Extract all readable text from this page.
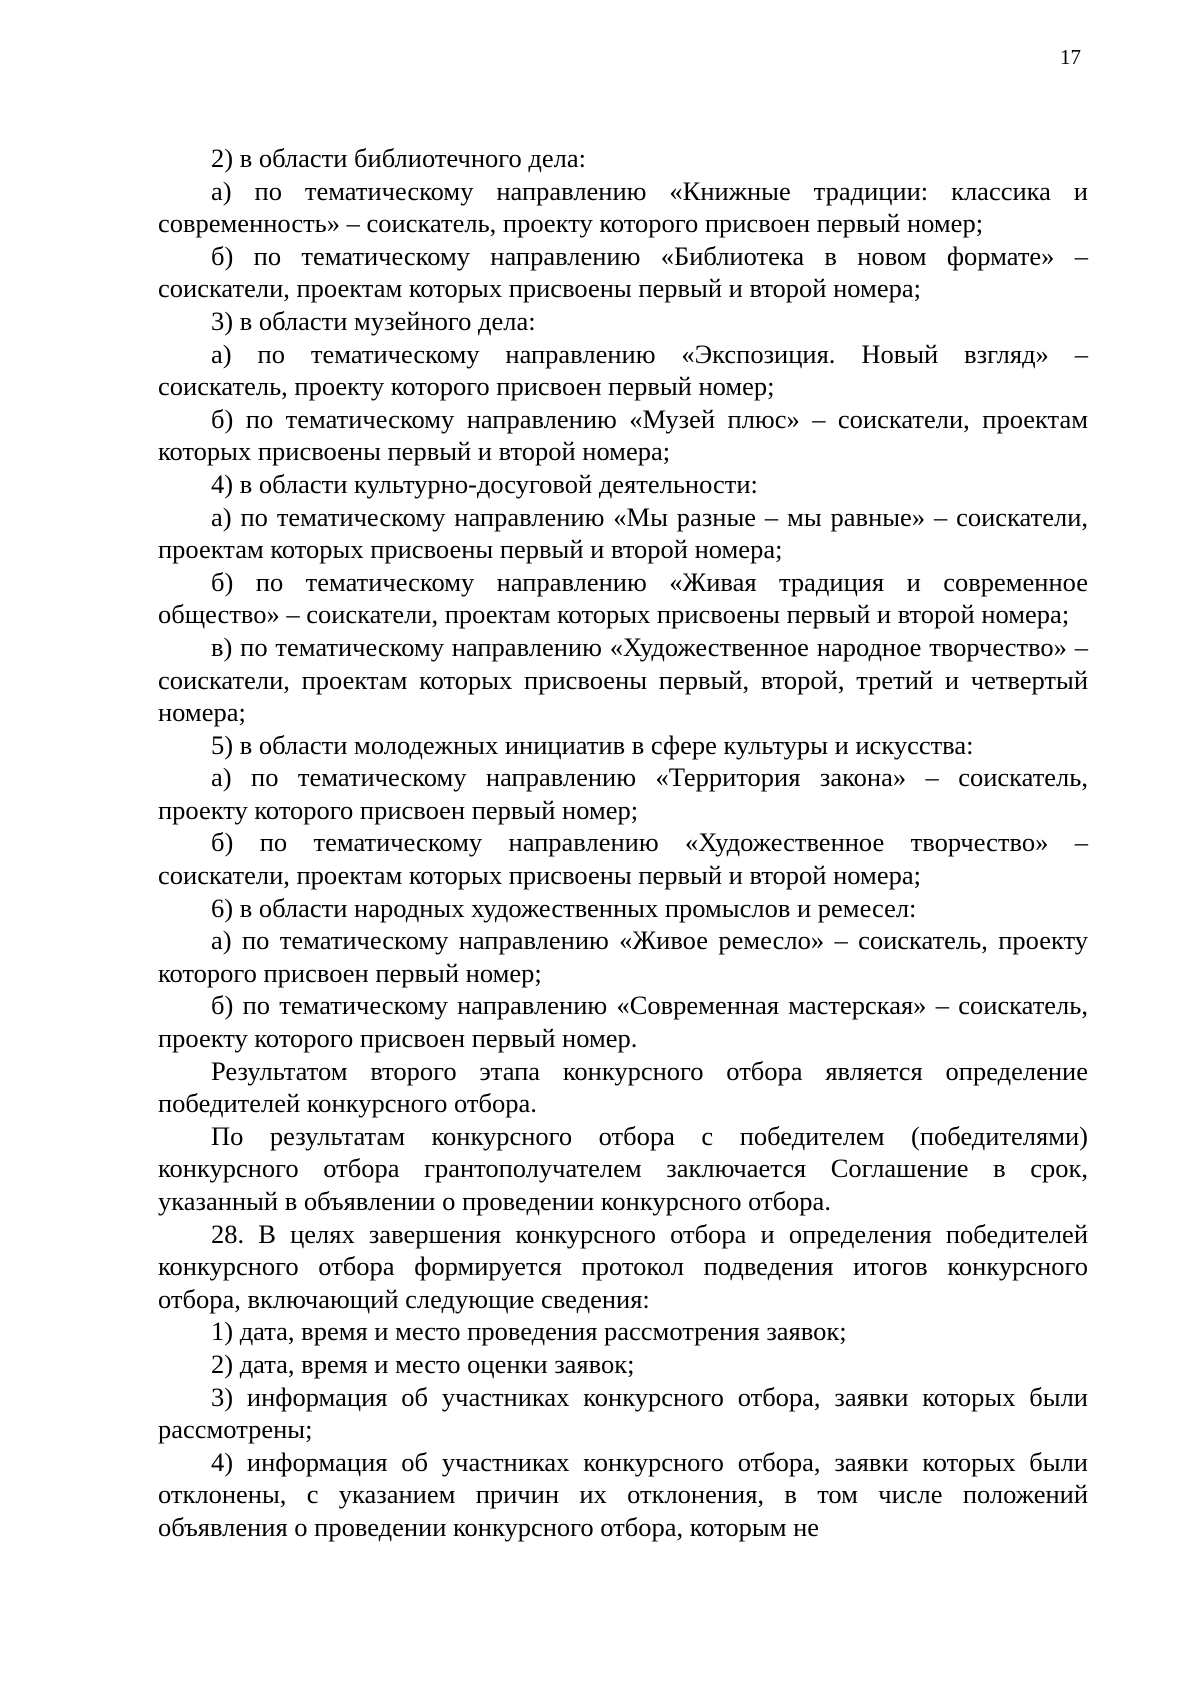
17

2) в области библиотечного дела:

а) по тематическому направлению «Книжные традиции: классика и современность» – соискатель, проекту которого присвоен первый номер;

б) по тематическому направлению «Библиотека в новом формате» – соискатели, проектам которых присвоены первый и второй номера;

3) в области музейного дела:

а) по тематическому направлению «Экспозиция. Новый взгляд» – соискатель, проекту которого присвоен первый номер;

б) по тематическому направлению «Музей плюс» – соискатели, проектам которых присвоены первый и второй номера;

4) в области культурно-досуговой деятельности:

а) по тематическому направлению «Мы разные – мы равные» – соискатели, проектам которых присвоены первый и второй номера;

б) по тематическому направлению «Живая традиция и современное общество» – соискатели, проектам которых присвоены первый и второй номера;

в) по тематическому направлению «Художественное народное творчество» – соискатели, проектам которых присвоены первый, второй, третий и четвертый номера;

5) в области молодежных инициатив в сфере культуры и искусства:

а) по тематическому направлению «Территория закона» – соискатель, проекту которого присвоен первый номер;

б) по тематическому направлению «Художественное творчество» – соискатели, проектам которых присвоены первый и второй номера;

6) в области народных художественных промыслов и ремесел:

а) по тематическому направлению «Живое ремесло» – соискатель, проекту которого присвоен первый номер;

б) по тематическому направлению «Современная мастерская» – соискатель, проекту которого присвоен первый номер.

Результатом второго этапа конкурсного отбора является определение победителей конкурсного отбора.

По результатам конкурсного отбора с победителем (победителями) конкурсного отбора грантополучателем заключается Соглашение в срок, указанный в объявлении о проведении конкурсного отбора.

28. В целях завершения конкурсного отбора и определения победителей конкурсного отбора формируется протокол подведения итогов конкурсного отбора, включающий следующие сведения:

1) дата, время и место проведения рассмотрения заявок;

2) дата, время и место оценки заявок;

3) информация об участниках конкурсного отбора, заявки которых были рассмотрены;

4) информация об участниках конкурсного отбора, заявки которых были отклонены, с указанием причин их отклонения, в том числе положений объявления о проведении конкурсного отбора, которым не
